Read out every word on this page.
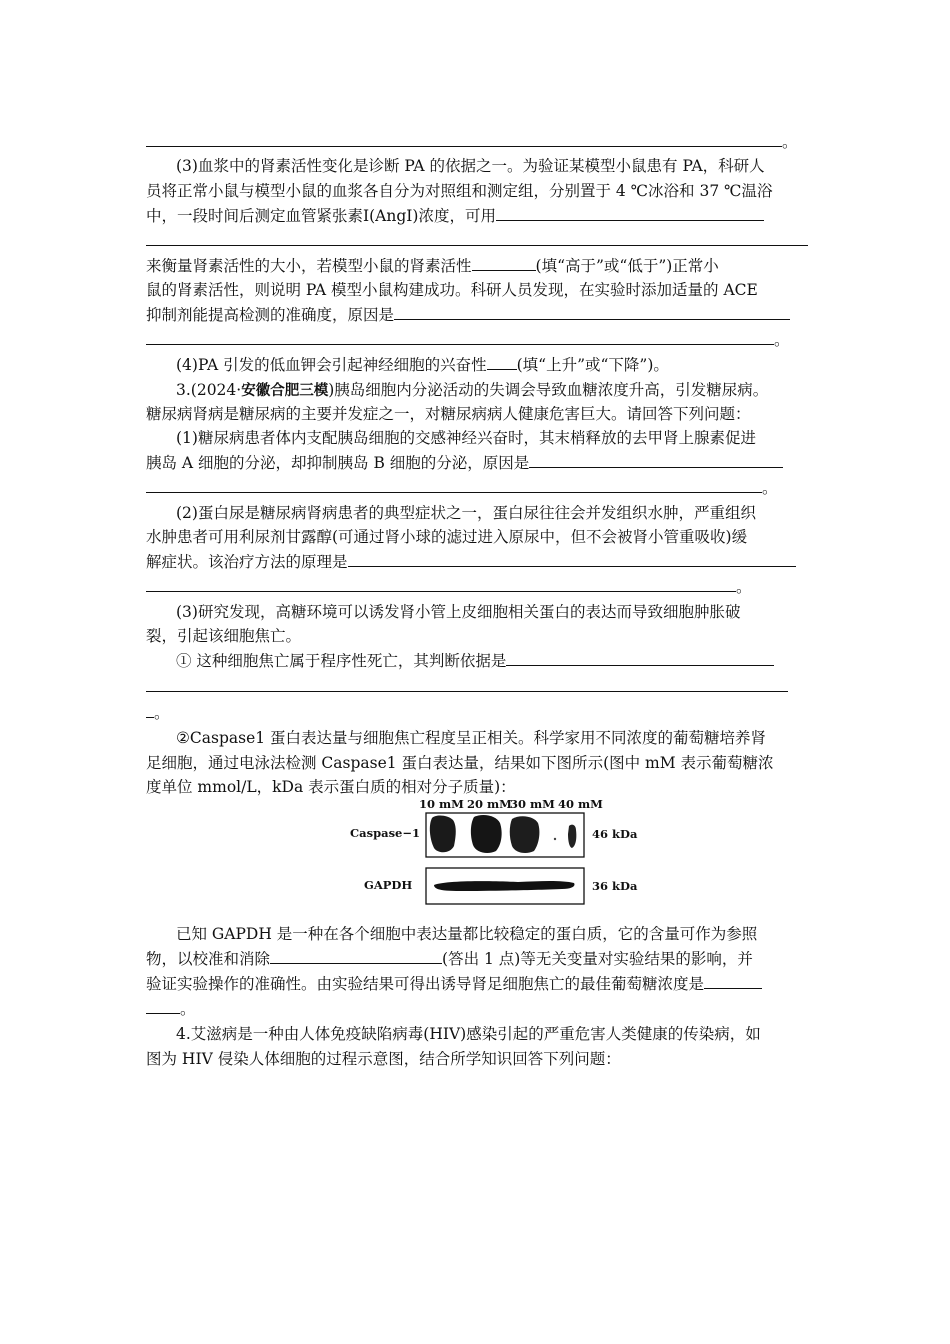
。
(3)血浆中的肾素活性变化是诊断 PA 的依据之一。为验证某模型小鼠患有 PA，科研人
员将正常小鼠与模型小鼠的血浆各自分为对照组和测定组，分别置于 4 ℃冰浴和 37 ℃温浴
中，一段时间后测定血管紧张素Ⅰ(AngⅠ)浓度，可用
来衡量肾素活性的大小，若模型小鼠的肾素活性	(填“高于”或“低于”)正常小
鼠的肾素活性，则说明 PA 模型小鼠构建成功。科研人员发现，在实验时添加适量的 ACE
抑制剂能提高检测的准确度，原因是
。
(4)PA 引发的低血钾会引起神经细胞的兴奋性 (填“上升”或“下降”)。
3.(2024·安徽合肥三模)胰岛细胞内分泌活动的失调会导致血糖浓度升高，引发糖尿病。
糖尿病肾病是糖尿病的主要并发症之一，对糖尿病病人健康危害巨大。请回答下列问题：
(1)糖尿病患者体内支配胰岛细胞的交感神经兴奋时，其末梢释放的去甲肾上腺素促进
胰岛 A 细胞的分泌，却抑制胰岛 B 细胞的分泌，原因是
。
(2)蛋白尿是糖尿病肾病患者的典型症状之一，蛋白尿往往会并发组织水肿，严重组织
水肿患者可用利尿剂甘露醇(可通过肾小球的滤过进入原尿中，但不会被肾小管重吸收)缓
解症状。该治疗方法的原理是
。
(3)研究发现，高糖环境可以诱发肾小管上皮细胞相关蛋白的表达而导致细胞肿胀破
裂，引起该细胞焦亡。
① 这种细胞焦亡属于程序性死亡，其判断依据是
。
②Caspase1 蛋白表达量与细胞焦亡程度呈正相关。科学家用不同浓度的葡萄糖培养肾
足细胞，通过电泳法检测 Caspase1 蛋白表达量，结果如下图所示(图中 mM 表示葡萄糖浓
度单位 mmol/L，kDa 表示蛋白质的相对分子质量)：
10 mM 20 mM
30 mM 40 mM
Caspase−1	46 kDa
GAPDH	36 kDa
已知 GAPDH 是一种在各个细胞中表达量都比较稳定的蛋白质，它的含量可作为参照
物，以校准和消除	(答出 1 点)等无关变量对实验结果的影响，并
验证实验操作的准确性。由实验结果可得出诱导肾足细胞焦亡的最佳葡萄糖浓度是
。
4.艾滋病是一种由人体免疫缺陷病毒(HIV)感染引起的严重危害人类健康的传染病，如
图为 HIV 侵染人体细胞的过程示意图，结合所学知识回答下列问题：
